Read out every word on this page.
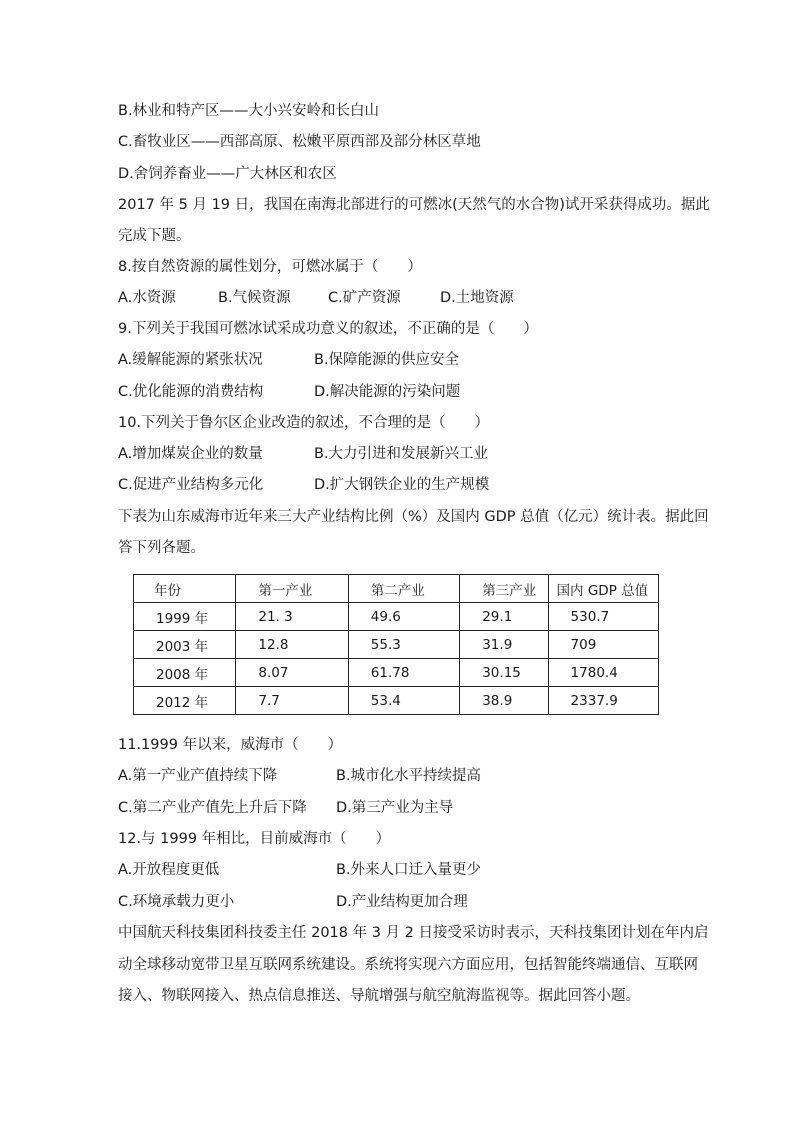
B.林业和特产区——大小兴安岭和长白山
C.畜牧业区——西部高原、松嫩平原西部及部分林区草地
D.舍饲养畜业——广大林区和农区
2017 年 5 月 19 日，我国在南海北部进行的可燃冰(天然气的水合物)试开采获得成功。据此
完成下题。
8.按自然资源的属性划分，可燃冰属于（　　）
A.水资源	B.气候资源	C.矿产资源	D.土地资源
9.下列关于我国可燃冰试采成功意义的叙述，不正确的是（　　）
A.缓解能源的紧张状况	B.保障能源的供应安全
C.优化能源的消费结构	D.解决能源的污染问题
10.下列关于鲁尔区企业改造的叙述，不合理的是（　　）
A.增加煤炭企业的数量	B.大力引进和发展新兴工业
C.促进产业结构多元化	D.扩大钢铁企业的生产规模
下表为山东威海市近年来三大产业结构比例（%）及国内 GDP 总值（亿元）统计表。据此回
答下列各题。
年份	第一产业	第二产业	第三产业	国内 GDP 总值
1999 年	21. 3	49.6	29.1	530.7
2003 年	12.8	55.3	31.9	709
2008 年	8.07	61.78	30.15	1780.4
2012 年	7.7	53.4	38.9	2337.9
11.1999 年以来，威海市（　　）
A.第一产业产值持续下降	B.城市化水平持续提高
C.第二产业产值先上升后下降 D.第三产业为主导
12.与 1999 年相比，目前威海市（　　）
A.开放程度更低	B.外来人口迁入量更少
C.环境承载力更小	D.产业结构更加合理
中国航天科技集团科技委主任 2018 年 3 月 2 日接受采访时表示，天科技集团计划在年内启
动全球移动宽带卫星互联网系统建设。系统将实现六方面应用，包括智能终端通信、互联网
接入、物联网接入、热点信息推送、导航增强与航空航海监视等。据此回答小题。
